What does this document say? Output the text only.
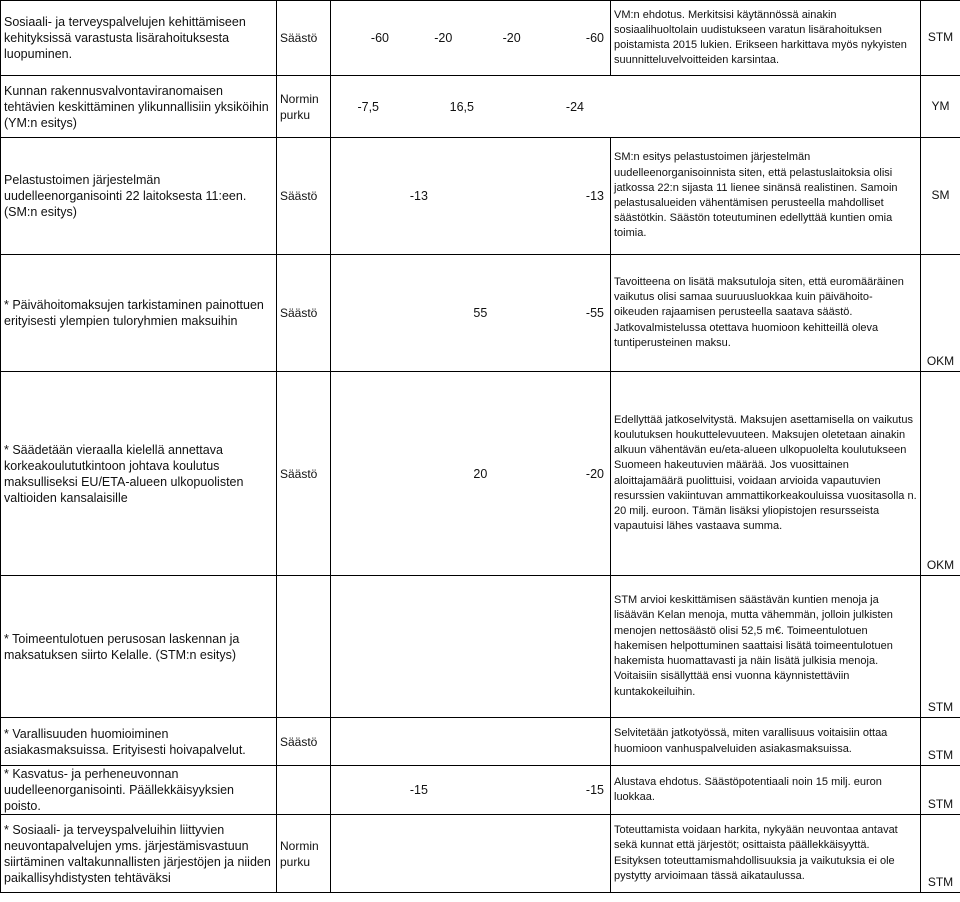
Sosiaali- ja terveyspalvelujen kehittämiseen kehityksissä varastusta lisärahoituksesta luopuminen.	Säästö	-60 -20 -20 -60	VM:n ehdotus. Merkitsisi käytännössä ainakin sosiaalihuoltolain uudistukseen varatun lisärahoituksen poistamista 2015 lukien. Erikseen harkittava myös nykyisten suunnitteluvelvoitteiden karsintaa.	STM
Kunnan rakennusvalvontaviranomaisen tehtävien keskittäminen ylikunnallisiin yksiköihin (YM:n esitys)	Normin purku	-7,5 16,5 -24		YM
Pelastustoimen järjestelmän uudelleenorganisointi 22 laitoksesta 11:een. (SM:n esitys)	Säästö	-13 -13	SM:n esitys pelastustoimen järjestelmän uudelleenorganisoinnista siten, että pelastuslaitoksia olisi jatkossa 22:n sijasta 11 lienee sinänsä realistinen. Samoin pelastusalueiden vähentämisen perusteella mahdolliset säästötkin. Säästön toteutuminen edellyttää kuntien omia toimia.	SM
* Päivähoitomaksujen tarkistaminen painottuen erityisesti ylempien tuloryhmien maksuihin	Säästö	55 -55	Tavoitteena on lisätä maksutuloja siten, että euromääräinen vaikutus olisi samaa suuruusluokkaa kuin päivähoito-oikeuden rajaamisen perusteella saatava säästö. Jatkovalmistelussa otettava huomioon kehitteillä oleva tuntiperusteinen maksu.	OKM
* Säädetään vieraalla kielellä annettava korkeakoulututkintoon johtava koulutus maksulliseksi EU/ETA-alueen ulkopuolisten valtioiden kansalaisille	Säästö	20 -20	Edellyttää jatkoselvitystä. Maksujen asettamisella on vaikutus koulutuksen houkuttelevuuteen. Maksujen oletetaan ainakin alkuun vähentävän eu/eta-alueen ulkopuolelta koulutukseen Suomeen hakeutuvien määrää. Jos vuosittainen aloittajamäärä puolittuisi, voidaan arvioida vapautuvien resurssien vakiintuvan ammattikorkeakouluissa vuositasolla n. 20 milj. euroon. Tämän lisäksi yliopistojen resursseista vapautuisi lähes vastaava summa.	OKM
* Toimeentulotuen perusosan laskennan ja maksatuksen siirto Kelalle. (STM:n esitys)			STM arvioi keskittämisen säästävän kuntien menoja ja lisäävän Kelan menoja, mutta vähemmän, jolloin julkisten menojen nettosäästö olisi 52,5 m€. Toimeentulotuen hakemisen helpottuminen saattaisi lisätä toimeentulotuen hakemista huomattavasti ja näin lisätä julkisia menoja. Voitaisiin sisällyttää ensi vuonna käynnistettäviin kuntakokeiluihin.	STM
* Varallisuuden huomioiminen asiakasmaksuissa. Erityisesti hoivapalvelut.	Säästö		Selvitetään jatkotyössä, miten varallisuus voitaisiin ottaa huomioon vanhuspalveluiden asiakasmaksuissa.	STM
* Kasvatus- ja perheneuvonnan uudelleenorganisointi. Päällekkäisyyksien poisto.		-15 -15	Alustava ehdotus. Säästöpotentiaali noin 15 milj. euron luokkaa.	STM
* Sosiaali- ja terveyspalveluihin liittyvien neuvontapalvelujen yms. järjestämisvastuun siirtäminen valtakunnallisten järjestöjen ja niiden paikallisyhdistysten tehtäväksi	Normin purku		Toteuttamista voidaan harkita, nykyään neuvontaa antavat sekä kunnat että järjestöt; osittaista päällekkäisyyttä. Esityksen toteuttamismahdollisuuksia ja vaikutuksia ei ole pystytty arvioimaan tässä aikataulussa.	STM
